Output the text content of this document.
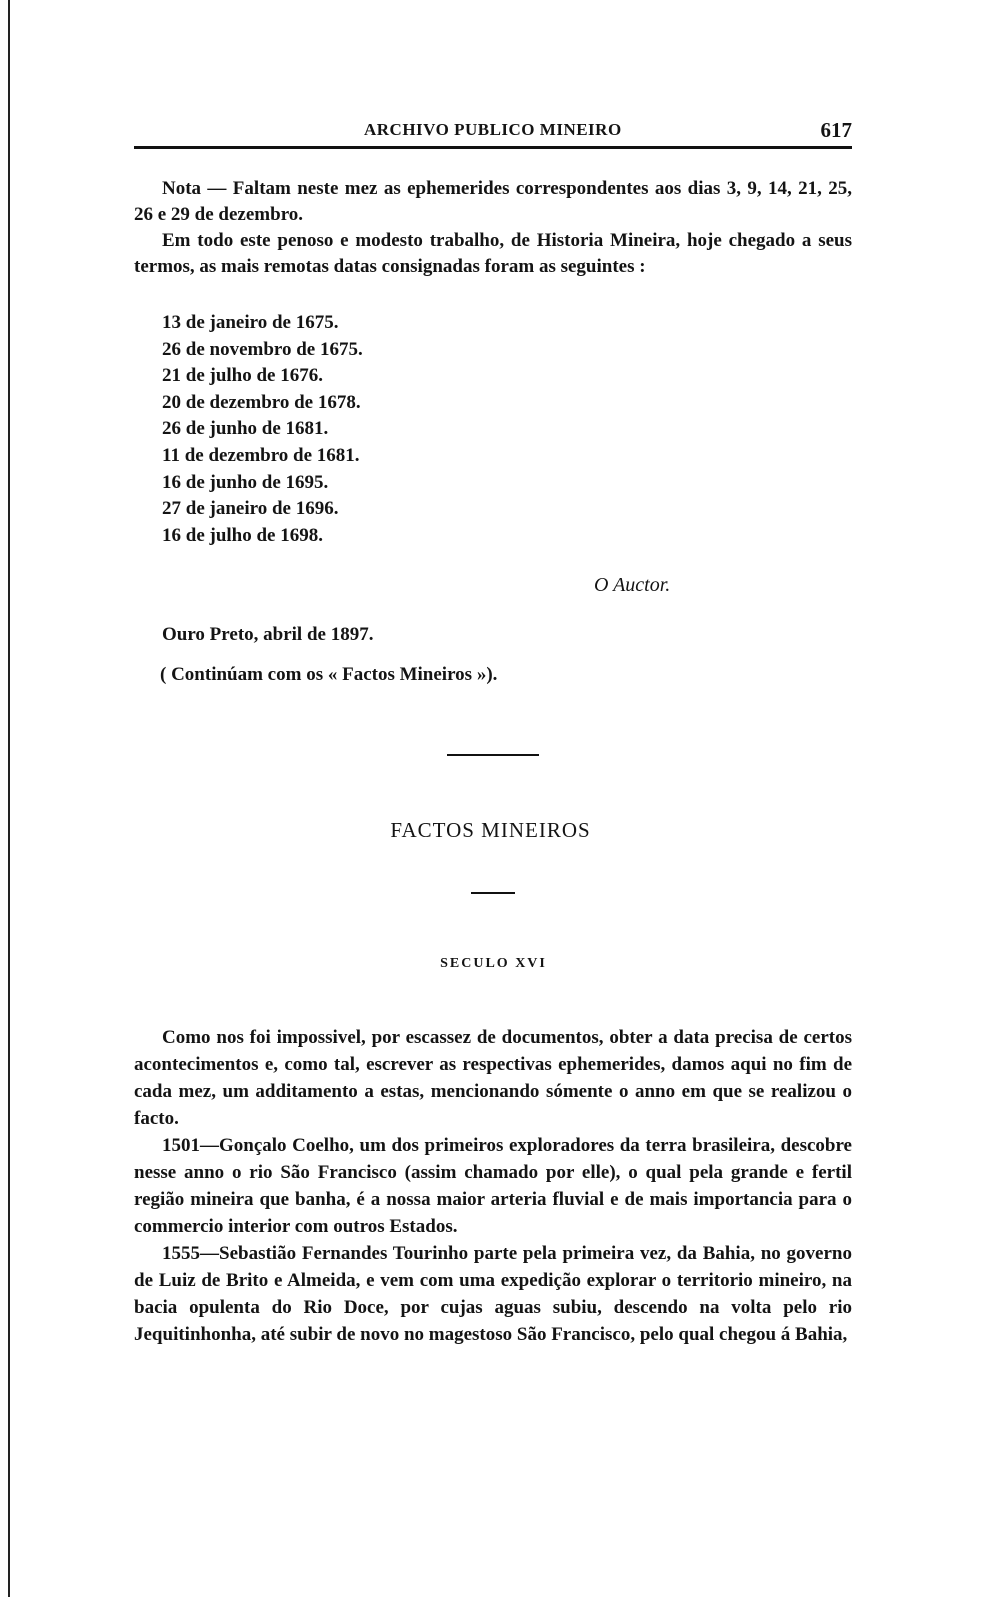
ARCHIVO PUBLICO MINEIRO	617

Nota — Faltam neste mez as ephemerides correspondentes aos dias 3, 9, 14, 21, 25, 26 e 29 de dezembro.

Em todo este penoso e modesto trabalho, de Historia Mineira, hoje chegado a seus termos, as mais remotas datas consignadas foram as seguintes :

13 de janeiro de 1675.
26 de novembro de 1675.
21 de julho de 1676.
20 de dezembro de 1678.
26 de junho de 1681.
11 de dezembro de 1681.
16 de junho de 1695.
27 de janeiro de 1696.
16 de julho de 1698.
O Auctor.
Ouro Preto, abril de 1897.
( Continúam com os « Factos Mineiros »).
FACTOS MINEIROS
SECULO XVI

Como nos foi impossivel, por escassez de documentos, obter a data precisa de certos acontecimentos e, como tal, escrever as respectivas ephemerides, damos aqui no fim de cada mez, um additamento a estas, mencionando sómente o anno em que se realizou o facto.

1501—Gonçalo Coelho, um dos primeiros exploradores da terra brasileira, descobre nesse anno o rio São Francisco (assim chamado por elle), o qual pela grande e fertil região mineira que banha, é a nossa maior arteria fluvial e de mais importancia para o commercio interior com outros Estados.

1555—Sebastião Fernandes Tourinho parte pela primeira vez, da Bahia, no governo de Luiz de Brito e Almeida, e vem com uma expedição explorar o territorio mineiro, na bacia opulenta do Rio Doce, por cujas aguas subiu, descendo na volta pelo rio Jequitinhonha, até subir de novo no magestoso São Francisco, pelo qual chegou á Bahia,
